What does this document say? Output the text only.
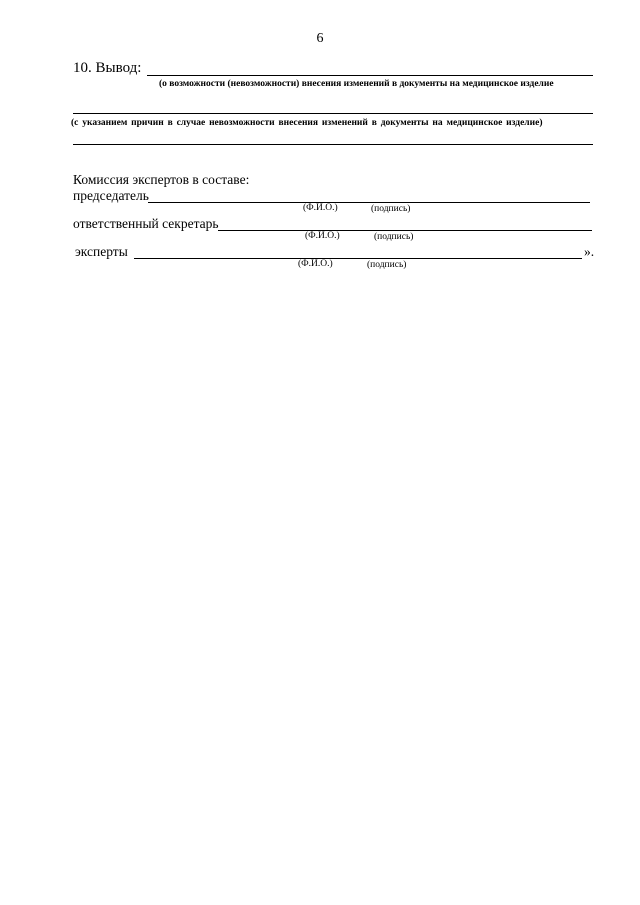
6
10. Вывод:
(о возможности (невозможности) внесения изменений в документы на медицинское изделие
(с указанием причин в случае невозможности внесения изменений в документы на медицинское изделие)
Комиссия экспертов в составе:
председатель
(Ф.И.О.)	(подпись)
ответственный секретарь
(Ф.И.О.)	(подпись)
эксперты	».
(Ф.И.О.)	(подпись)
